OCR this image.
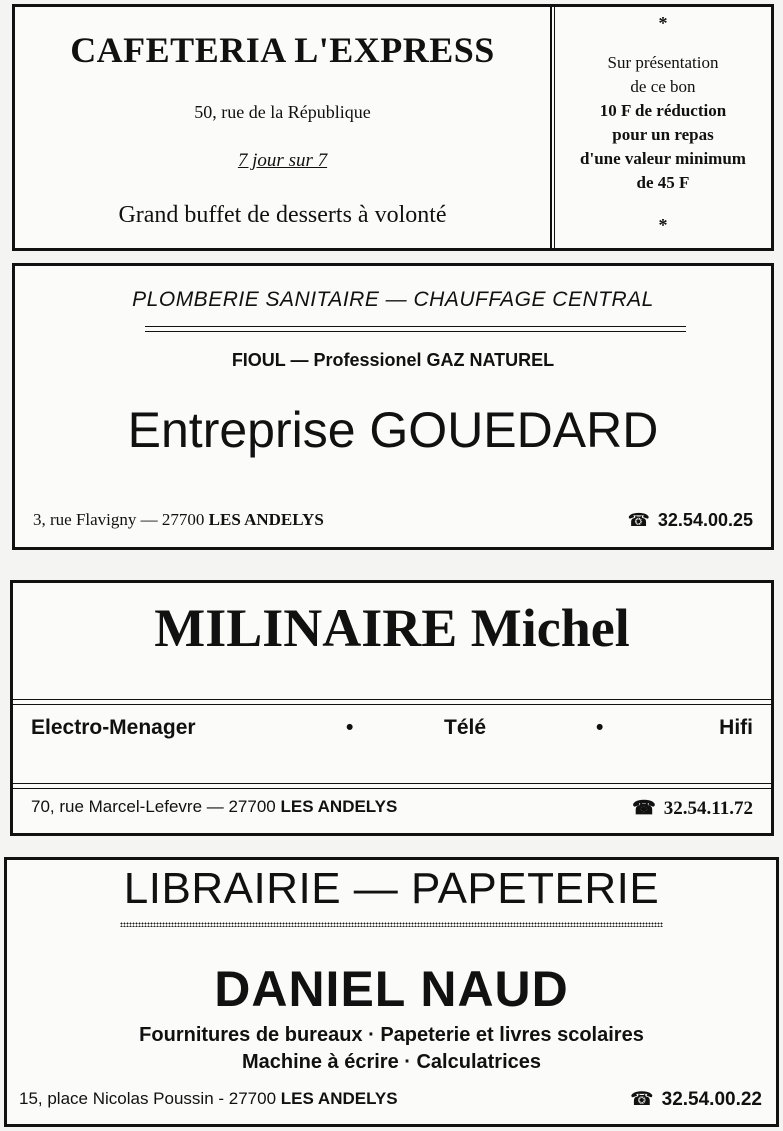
CAFETERIA L'EXPRESS
50, rue de la République
7 jour sur 7
Grand buffet de desserts à volonté
*
Sur présentation
de ce bon
10 F de réduction
pour un repas
d'une valeur minimum
de 45 F
*
PLOMBERIE SANITAIRE — CHAUFFAGE CENTRAL
FIOUL — Professionel GAZ NATUREL
Entreprise GOUEDARD
3, rue Flavigny — 27700 LES ANDELYS	☎ 32.54.00.25
MILINAIRE Michel
Electro-Menager	•	Télé	•	Hifi
70, rue Marcel-Lefevre — 27700 LES ANDELYS	☎ 32.54.11.72
LIBRAIRIE — PAPETERIE
DANIEL NAUD
Fournitures de bureaux · Papeterie et livres scolaires
Machine à écrire · Calculatrices
15, place Nicolas Poussin - 27700 LES ANDELYS	☎ 32.54.00.22
